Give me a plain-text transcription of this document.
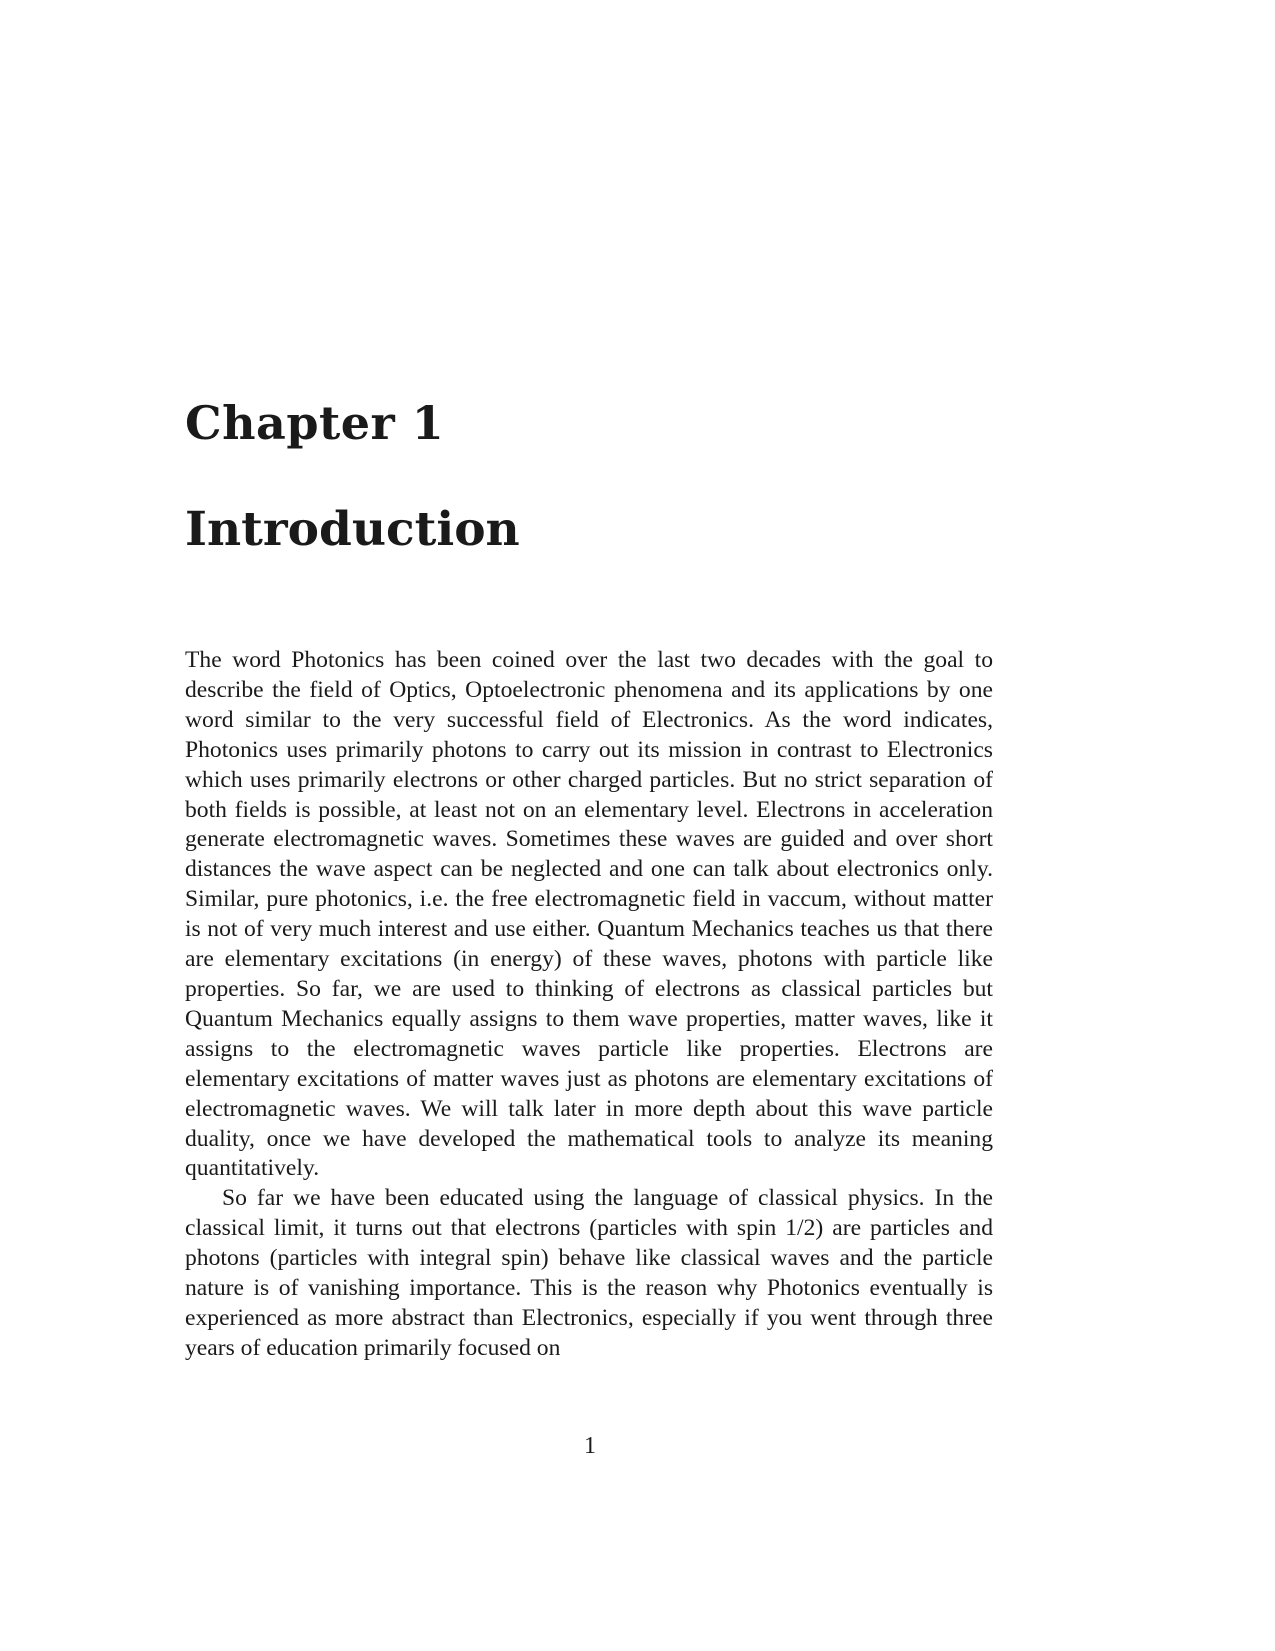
Chapter 1
Introduction

The word Photonics has been coined over the last two decades with the goal to describe the field of Optics, Optoelectronic phenomena and its applications by one word similar to the very successful field of Electronics. As the word indicates, Photonics uses primarily photons to carry out its mission in contrast to Electronics which uses primarily electrons or other charged particles. But no strict separation of both fields is possible, at least not on an elementary level. Electrons in acceleration generate electromagnetic waves. Sometimes these waves are guided and over short distances the wave aspect can be neglected and one can talk about electronics only. Similar, pure photonics, i.e. the free electromagnetic field in vaccum, without matter is not of very much interest and use either. Quantum Mechanics teaches us that there are elementary excitations (in energy) of these waves, photons with particle like properties. So far, we are used to thinking of electrons as classical particles but Quantum Mechanics equally assigns to them wave properties, matter waves, like it assigns to the electromagnetic waves particle like properties. Electrons are elementary excitations of matter waves just as photons are elementary excitations of electromagnetic waves. We will talk later in more depth about this wave particle duality, once we have developed the mathematical tools to analyze its meaning quantitatively.

So far we have been educated using the language of classical physics. In the classical limit, it turns out that electrons (particles with spin 1/2) are particles and photons (particles with integral spin) behave like classical waves and the particle nature is of vanishing importance. This is the reason why Photonics eventually is experienced as more abstract than Electronics, especially if you went through three years of education primarily focused on

1
